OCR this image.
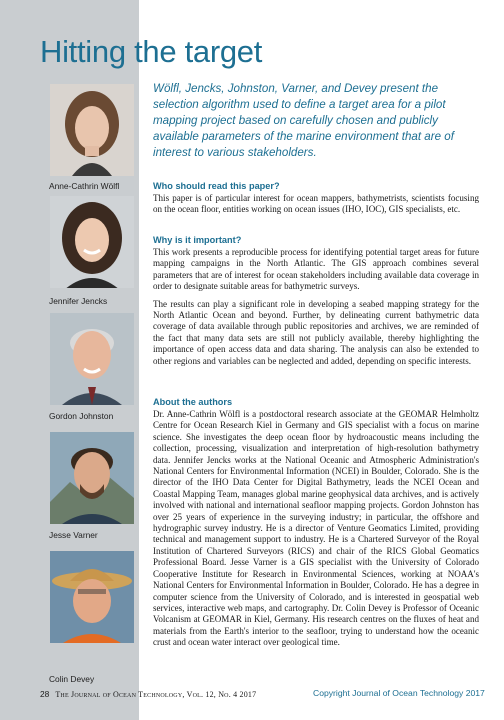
Hitting the target
Anne-Cathrin Wölfl
Jennifer Jencks
Gordon Johnston
Jesse Varner
Colin Devey

Wölfl, Jencks, Johnston, Varner, and Devey present the selection algorithm used to define a target area for a pilot mapping project based on carefully chosen and publicly available parameters of the marine environment that are of interest to various stakeholders.

Who should read this paper?

This paper is of particular interest for ocean mappers, bathymetrists, scientists focusing on the ocean floor, entities working on ocean issues (IHO, IOC), GIS specialists, etc.

Why is it important?

This work presents a reproducible process for identifying potential target areas for future mapping campaigns in the North Atlantic. The GIS approach combines several parameters that are of interest for ocean stakeholders including available data coverage in order to designate suitable areas for bathymetric surveys.

The results can play a significant role in developing a seabed mapping strategy for the North Atlantic Ocean and beyond. Further, by delineating current bathymetric data coverage of data available through public repositories and archives, we are reminded of the fact that many data sets are still not publicly available, thereby highlighting the importance of open access data and data sharing. The analysis can also be extended to other regions and variables can be neglected and added, depending on specific interests.

About the authors

Dr. Anne-Cathrin Wölfl is a postdoctoral research associate at the GEOMAR Helmholtz Centre for Ocean Research Kiel in Germany and GIS specialist with a focus on marine science. She investigates the deep ocean floor by hydroacoustic means including the collection, processing, visualization and interpretation of high-resolution bathymetry data. Jennifer Jencks works at the National Oceanic and Atmospheric Administration's National Centers for Environmental Information (NCEI) in Boulder, Colorado. She is the director of the IHO Data Center for Digital Bathymetry, leads the NCEI Ocean and Coastal Mapping Team, manages global marine geophysical data archives, and is actively involved with national and international seafloor mapping projects. Gordon Johnston has over 25 years of experience in the surveying industry; in particular, the offshore and hydrographic survey industry. He is a director of Venture Geomatics Limited, providing technical and management support to industry. He is a Chartered Surveyor of the Royal Institution of Chartered Surveyors (RICS) and chair of the RICS Global Geomatics Professional Board. Jesse Varner is a GIS specialist with the University of Colorado Cooperative Institute for Research in Environmental Sciences, working at NOAA's National Centers for Environmental Information in Boulder, Colorado. He has a degree in computer science from the University of Colorado, and is interested in geospatial web services, interactive web maps, and cartography. Dr. Colin Devey is Professor of Oceanic Volcanism at GEOMAR in Kiel, Germany. His research centres on the fluxes of heat and materials from the Earth's interior to the seafloor, trying to understand how the oceanic crust and ocean water interact over geological time.

28 The Journal of Ocean Technology, Vol. 12, No. 4 2017	Copyright Journal of Ocean Technology 2017
